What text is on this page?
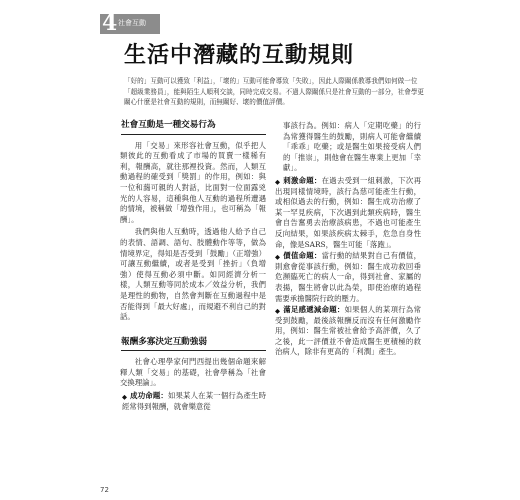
4 社會互動
生活中潛藏的互動規則

「好的」互動可以獲致「利益」，「壞的」互動可能會導致「失敗」，因此人際關係教導我們如何做一位「超級業務員」，能與陌生人順利交談，同時完成交易。不過人際關係只是社會互動的一部分，社會學更關心什麼是社會互動的規則，而無關好、壞的價值評價。

社會互動是一種交易行為

用「交易」來形容社會互動，似乎把人類彼此的互動看成了市場的買賣一樣稀有利，報酬高，就往那裡投資。然而，人類互動過程的確受到「獎罰」的作用，例如：與一位和藹可親的人對話，比面對一位面露兇光的人容易，這種與他人互動的過程所遭遇的情境，被稱做「增強作用」，也可稱為「報酬」。

我們與他人互動時，透過他人給予自己的表情、語調、語句、肢體動作等等，做為情境界定，得知是否受到「鼓勵」（正增強）可讓互動繼續，或者是受到「挫折」（負增強）使得互動必須中斷。如同經濟分析一樣，人類互動等同於成本／效益分析，我們是理性的動物，自然會判斷在互動過程中是否能得到「最大好處」，而規避不利自己的對話。

報酬多寡決定互動強弱

社會心理學家何門西提出幾個命題來解釋人類「交易」的基礎，社會學稱為「社會交換理論」。

◆ 成功命題：如果某人在某一個行為產生時經常得到報酬，就會樂意從

事該行為。例如：病人「定期吃藥」的行為常獲得醫生的鼓勵，則病人可能會繼續「乖乖」吃藥；或是醫生如果接受病人們的「推崇」，則他會在醫生專業上更加「幸獻」。

◆ 刺激命題：在過去受到一組刺激，下次再出現同樣情境時，該行為慈可能產生行動，或相似過去的行動，例如：醫生成功治療了某一罕見疾病，下次遇到此類疾病時，醫生會自告奮勇去治療該病患，不過也可能產生反向結果，如果該疾病太棘手，危急自身性命，像是SARS，醫生可能「落跑」。
◆ 價值命題：當行動的結果對自己有價值，則愈會從事該行動，例如：醫生成功救回垂危瀕臨死亡的病人一命，得到社會、家屬的表揚，醫生將會以此為榮，即使治療的過程需要承擔醫院行政的壓力。
◆ 滿足感遞減命題：如果個人的某項行為常受到鼓勵，最後該報酬反而沒有任何激勵作用，例如：醫生常被社會給予高評價，久了之後，此一評價並不會造成醫生更積極的救治病人，除非有更高的「利潤」產生。
72
